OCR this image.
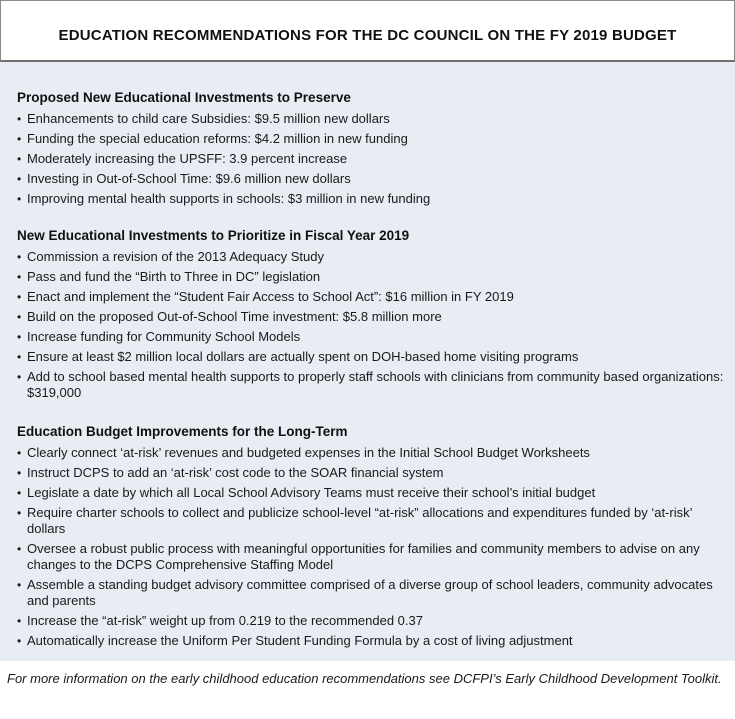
EDUCATION RECOMMENDATIONS FOR THE DC COUNCIL ON THE FY 2019 BUDGET
Proposed New Educational Investments to Preserve
• Enhancements to child care Subsidies: $9.5 million new dollars
• Funding the special education reforms: $4.2 million in new funding
• Moderately increasing the UPSFF: 3.9 percent increase
• Investing in Out-of-School Time: $9.6 million new dollars
• Improving mental health supports in schools: $3 million in new funding
New Educational Investments to Prioritize in Fiscal Year 2019
• Commission a revision of the 2013 Adequacy Study
• Pass and fund the “Birth to Three in DC” legislation
• Enact and implement the “Student Fair Access to School Act”: $16 million in FY 2019
• Build on the proposed Out-of-School Time investment: $5.8 million more
• Increase funding for Community School Models
• Ensure at least $2 million local dollars are actually spent on DOH-based home visiting programs
• Add to school based mental health supports to properly staff schools with clinicians from community based organizations: $319,000
Education Budget Improvements for the Long-Term
• Clearly connect ‘at-risk’ revenues and budgeted expenses in the Initial School Budget Worksheets
• Instruct DCPS to add an ‘at-risk’ cost code to the SOAR financial system
• Legislate a date by which all Local School Advisory Teams must receive their school’s initial budget
• Require charter schools to collect and publicize school-level “at-risk” allocations and expenditures funded by ‘at-risk’ dollars
• Oversee a robust public process with meaningful opportunities for families and community members to advise on any changes to the DCPS Comprehensive Staffing Model
• Assemble a standing budget advisory committee comprised of a diverse group of school leaders, community advocates and parents
• Increase the “at-risk” weight up from 0.219 to the recommended 0.37
• Automatically increase the Uniform Per Student Funding Formula by a cost of living adjustment
For more information on the early childhood education recommendations see DCFPI’s Early Childhood Development Toolkit.
